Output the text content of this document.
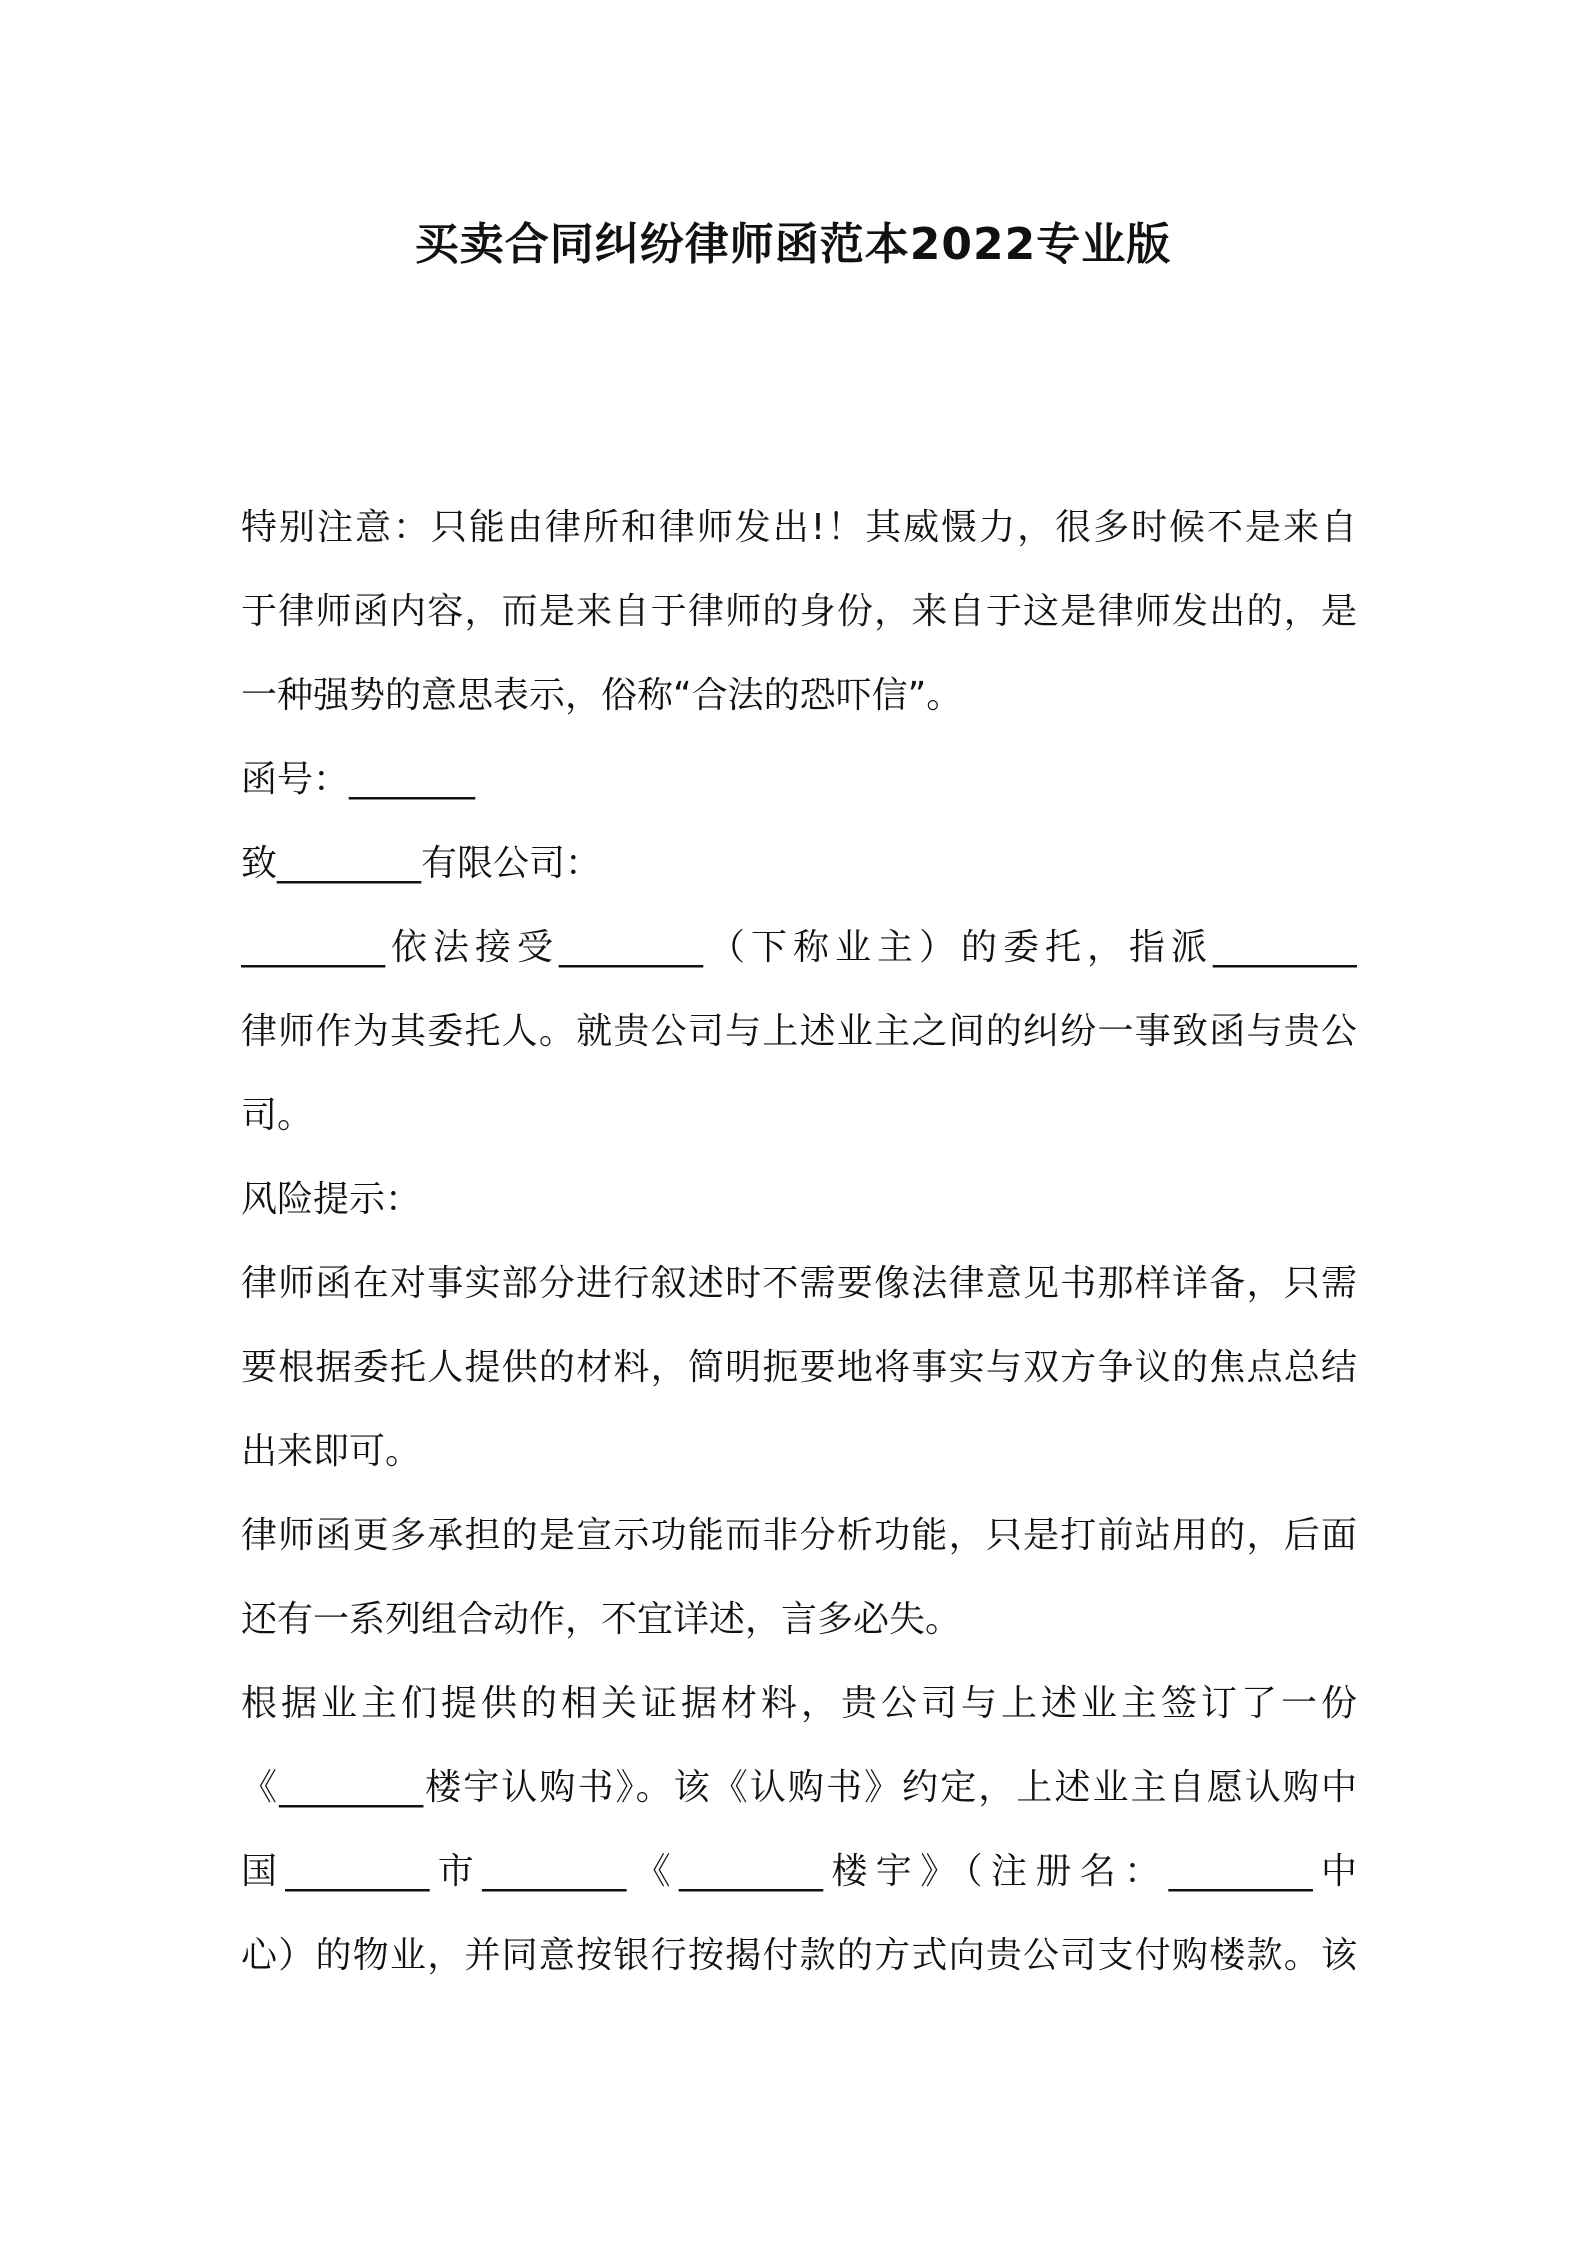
买卖合同纠纷律师函范本2022专业版
特别注意：只能由律所和律师发出!！其威慑力，很多时候不是来自
于律师函内容，而是来自于律师的身份，来自于这是律师发出的，是
一种强势的意思表示，俗称“合法的恐吓信”。
函号：_______
致________有限公司：
________依法接受________（下称业主）的委托，指派________
律师作为其委托人。就贵公司与上述业主之间的纠纷一事致函与贵公
司。
风险提示：
律师函在对事实部分进行叙述时不需要像法律意见书那样详备，只需
要根据委托人提供的材料，简明扼要地将事实与双方争议的焦点总结
出来即可。
律师函更多承担的是宣示功能而非分析功能，只是打前站用的，后面
还有一系列组合动作，不宜详述，言多必失。
根据业主们提供的相关证据材料，贵公司与上述业主签订了一份
《________楼宇认购书》。该《认购书》约定，上述业主自愿认购中
国________市________《________楼宇》（注册名：________中
心）的物业，并同意按银行按揭付款的方式向贵公司支付购楼款。该
